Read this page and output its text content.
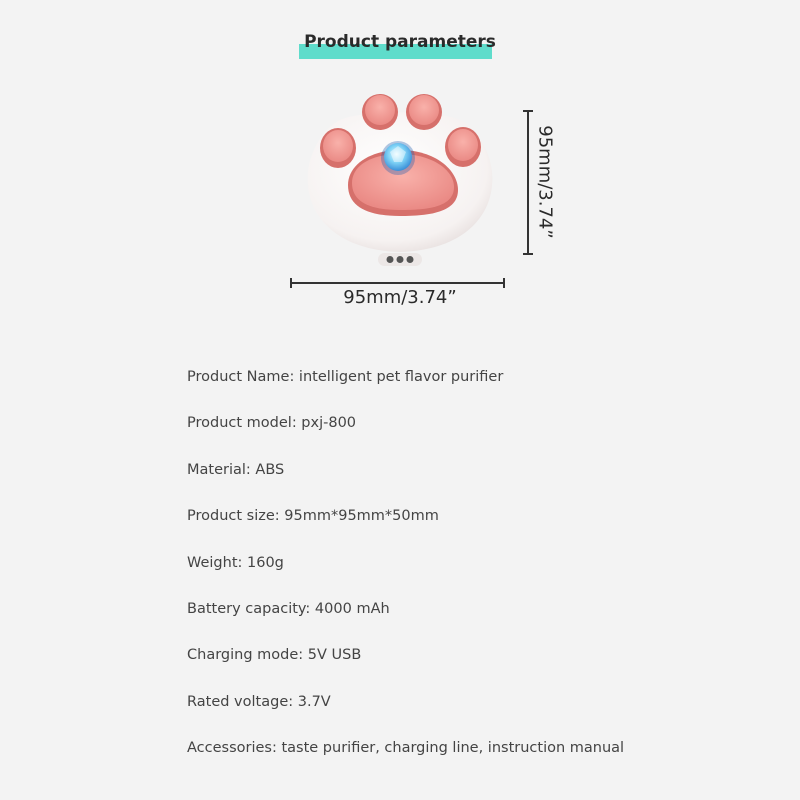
Product parameters
95mm/3.74”
95mm/3.74”
Product Name: intelligent pet flavor purifier
Product model: pxj-800
Material: ABS
Product size: 95mm*95mm*50mm
Weight: 160g
Battery capacity: 4000 mAh
Charging mode: 5V USB
Rated voltage: 3.7V
Accessories: taste purifier, charging line, instruction manual
